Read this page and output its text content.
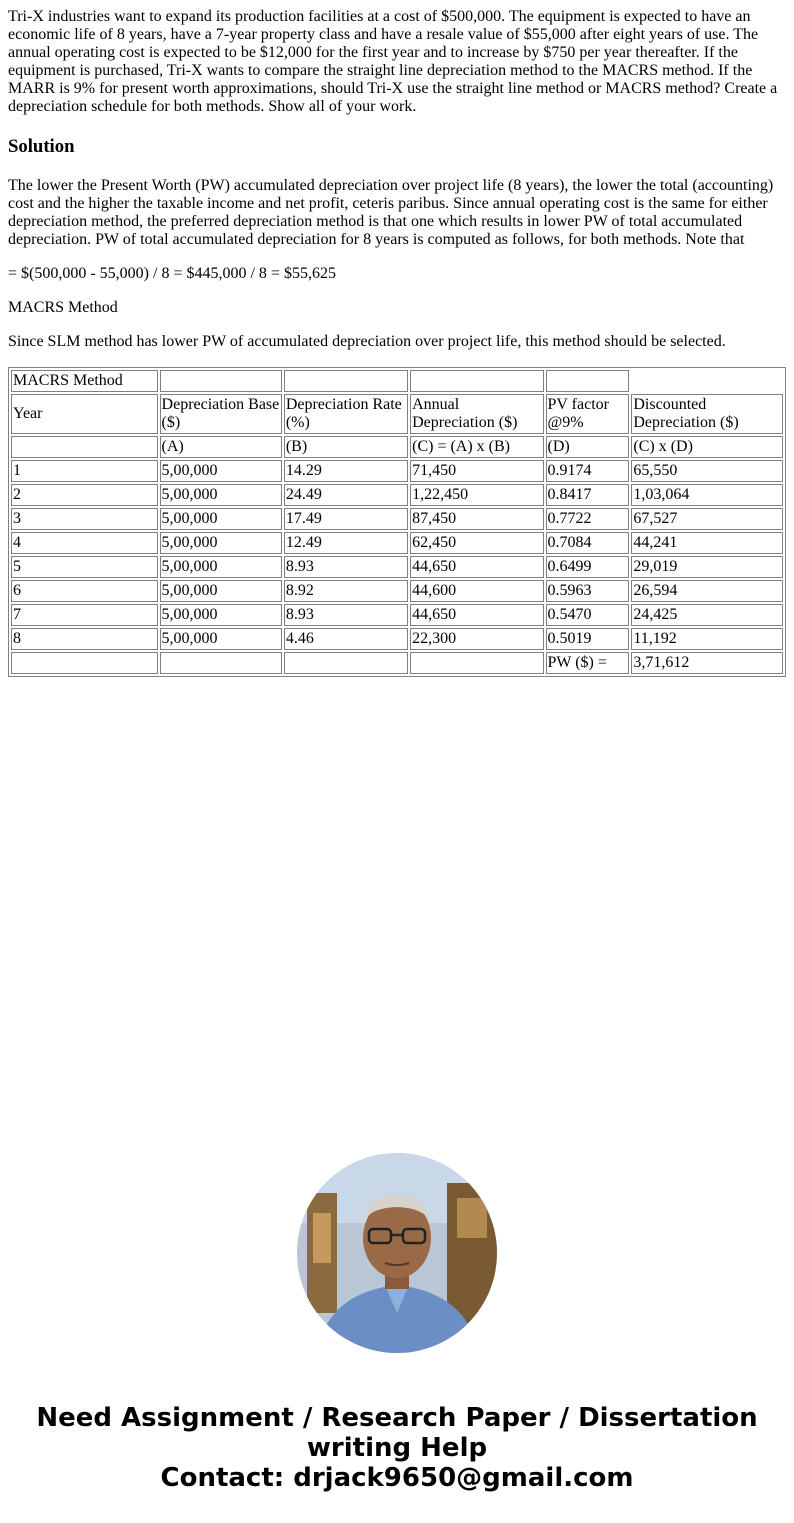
Tri-X industries want to expand its production facilities at a cost of $500,000. The equipment is expected to have an economic life of 8 years, have a 7-year property class and have a resale value of $55,000 after eight years of use. The annual operating cost is expected to be $12,000 for the first year and to increase by $750 per year thereafter. If the equipment is purchased, Tri-X wants to compare the straight line depreciation method to the MACRS method. If the MARR is 9% for present worth approximations, should Tri-X use the straight line method or MACRS method? Create a depreciation schedule for both methods. Show all of your work.

Solution

The lower the Present Worth (PW) accumulated depreciation over project life (8 years), the lower the total (accounting) cost and the higher the taxable income and net profit, ceteris paribus. Since annual operating cost is the same for either depreciation method, the preferred depreciation method is that one which results in lower PW of total accumulated depreciation. PW of total accumulated depreciation for 8 years is computed as follows, for both methods. Note that

= $(500,000 - 55,000) / 8 = $445,000 / 8 = $55,625

MACRS Method

Since SLM method has lower PW of accumulated depreciation over project life, this method should be selected.

MACRS Method					
Year	Depreciation Base ($)	Depreciation Rate (%)	Annual Depreciation ($)	PV factor @9%	Discounted Depreciation ($)
	(A)	(B)	(C) = (A) x (B)	(D)	(C) x (D)
1	5,00,000	14.29	71,450	0.9174	65,550
2	5,00,000	24.49	1,22,450	0.8417	1,03,064
3	5,00,000	17.49	87,450	0.7722	67,527
4	5,00,000	12.49	62,450	0.7084	44,241
5	5,00,000	8.93	44,650	0.6499	29,019
6	5,00,000	8.92	44,600	0.5963	26,594
7	5,00,000	8.93	44,650	0.5470	24,425
8	5,00,000	4.46	22,300	0.5019	11,192
				PW ($) =	3,71,612
Need Assignment / Research Paper / Dissertation
writing Help
Contact: drjack9650@gmail.com
